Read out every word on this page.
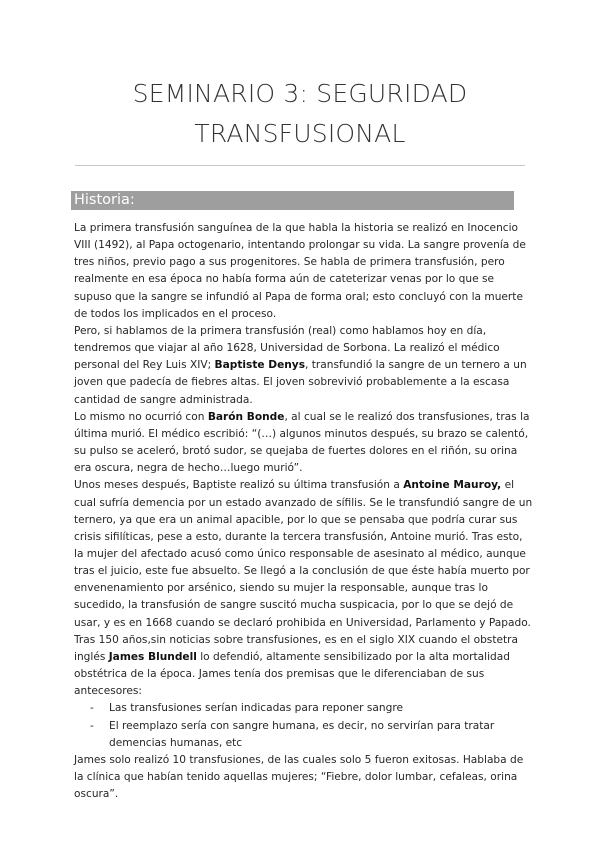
SEMINARIO 3: SEGURIDAD
TRANSFUSIONAL
Historia:

La primera transfusión sanguínea de la que habla la historia se realizó en Inocencio VIII (1492), al Papa octogenario, intentando prolongar su vida. La sangre provenía de tres niños, previo pago a sus progenitores. Se habla de primera transfusión, pero realmente en esa época no había forma aún de cateterizar venas por lo que se supuso que la sangre se infundió al Papa de forma oral; esto concluyó con la muerte de todos los implicados en el proceso.

Pero, si hablamos de la primera transfusión (real) como hablamos hoy en día, tendremos que viajar al año 1628, Universidad de Sorbona. La realizó el médico personal del Rey Luis XIV; Baptiste Denys, transfundió la sangre de un ternero a un joven que padecía de fiebres altas. El joven sobrevivió probablemente a la escasa cantidad de sangre administrada.

Lo mismo no ocurrió con Barón Bonde, al cual se le realizó dos transfusiones, tras la última murió. El médico escribió: “(…) algunos minutos después, su brazo se calentó, su pulso se aceleró, brotó sudor, se quejaba de fuertes dolores en el riñón, su orina era oscura, negra de hecho…luego murió”.

Unos meses después, Baptiste realizó su última transfusión a Antoine Mauroy, el cual sufría demencia por un estado avanzado de sífilis. Se le transfundió sangre de un ternero, ya que era un animal apacible, por lo que se pensaba que podría curar sus crisis sifilíticas, pese a esto, durante la tercera transfusión, Antoine murió. Tras esto, la mujer del afectado acusó como único responsable de asesinato al médico, aunque tras el juicio, este fue absuelto. Se llegó a la conclusión de que éste había muerto por envenenamiento por arsénico, siendo su mujer la responsable, aunque tras lo sucedido, la transfusión de sangre suscitó mucha suspicacia, por lo que se dejó de usar, y es en 1668 cuando se declaró prohibida en Universidad, Parlamento y Papado.

Tras 150 años,sin noticias sobre transfusiones, es en el siglo XIX cuando el obstetra inglés James Blundell lo defendió, altamente sensibilizado por la alta mortalidad obstétrica de la época. James tenía dos premisas que le diferenciaban de sus antecesores:

- Las transfusiones serían indicadas para reponer sangre
- El reemplazo sería con sangre humana, es decir, no servirían para tratar demencias humanas, etc

James solo realizó 10 transfusiones, de las cuales solo 5 fueron exitosas. Hablaba de la clínica que habían tenido aquellas mujeres; “Fiebre, dolor lumbar, cefaleas, orina oscura”.
